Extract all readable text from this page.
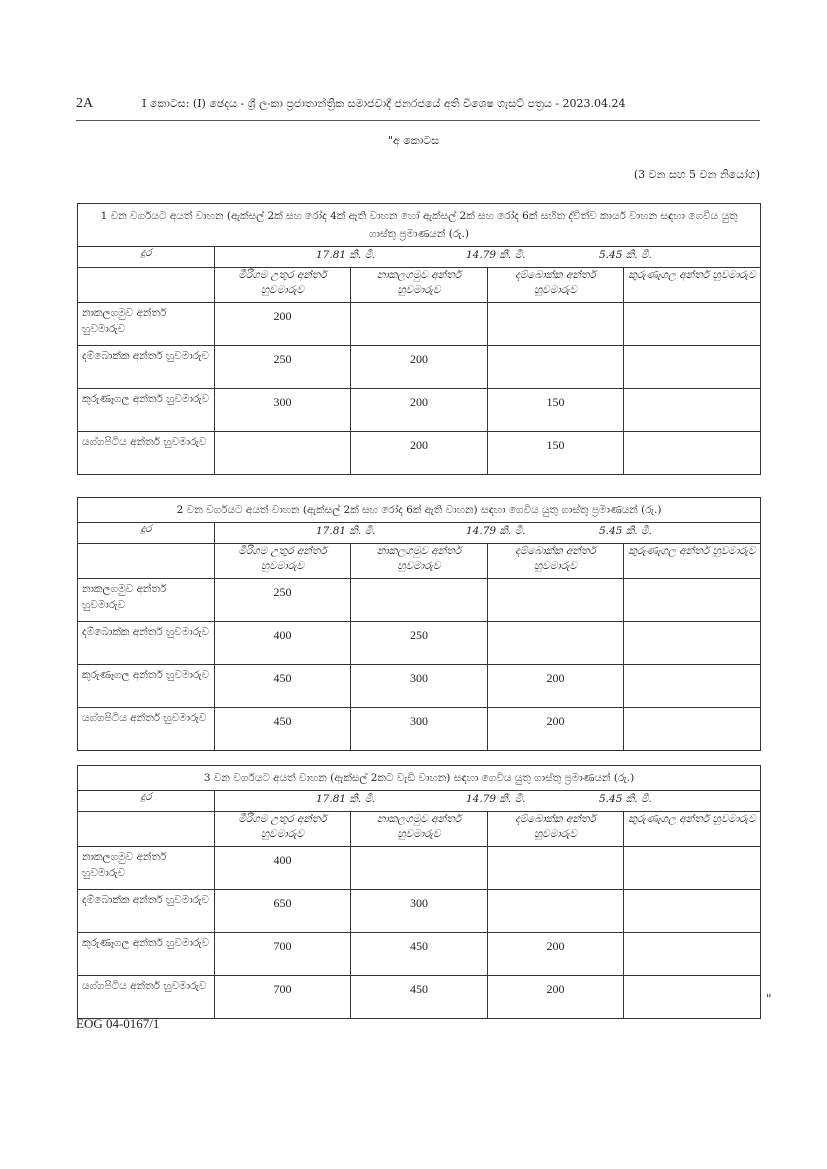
2A	I කොටස: (I) ඡෙදය - ශ්‍රී ලංකා ප්‍රජාතාන්ත්‍රික සමාජවාදී ජනරජයේ අති විශෙෂ ගැසට් පත්‍රය - 2023.04.24
"අ කොටස
(3 වන සහ 5 වන නියෝග)
1 වන වර්ගයට අයත් වාහන (ඇක්සල් 2ක් සහ රෝද 4ක් ඇති වාහන හෝ ඇක්සල් 2ක් සහ රෝද 6ක් සහිත ද්විත්ව කාර්ය වාහන සඳහා ගෙවිය යුතු ගාස්තු ප්‍රමාණයන් (රු.)				
දුර	17.81 කි. මී. 14.79 කි. මී. 5.45 කි. මී.			

	මීරිගම උතුර අන්තර් හුවමාරුව	නාකලගමුව අන්තර් හුවමාරුව	දම්බොක්ක අන්තර් හුවමාරුව	කුරුණෑගල අන්තර් හුවමාරුව
නාකලගමුව අන්තර් හුවමාරුව	200			
දම්බොක්ක අන්තර් හුවමාරුව	250	200		
කුරුණෑගල අන්තර් හුවමාරුව	300	200	150	
යග්ගපිටිය අන්තර් හුවමාරුව		200	150	
2 වන වර්ගයට අයත් වාහන (ඇක්සල් 2ක් සහ රෝද 6ක් ඇති වාහන) සඳහා ගෙවිය යුතු ගාස්තු ප්‍රමාණයන් (රු.)				
දුර	17.81 කි. මී. 14.79 කි. මී. 5.45 කි. මී.			

	මීරිගම උතුර අන්තර් හුවමාරුව	නාකලගමුව අන්තර් හුවමාරුව	දම්බොක්ක අන්තර් හුවමාරුව	කුරුණෑගල අන්තර් හුවමාරුව
නාකලගමුව අන්තර් හුවමාරුව	250			
දම්බොක්ක අන්තර් හුවමාරුව	400	250		
කුරුණෑගල අන්තර් හුවමාරුව	450	300	200	
යග්ගපිටිය අන්තර් හුවමාරුව	450	300	200	
3 වන වර්ගයට අයත් වාහන (ඇක්සල් 2කට වැඩි වාහන) සඳහා ගෙවිය යුතු ගාස්තු ප්‍රමාණයන් (රු.)				
දුර	17.81 කි. මී. 14.79 කි. මී. 5.45 කි. මී.			

	මීරිගම උතුර අන්තර් හුවමාරුව	නාකලගමුව අන්තර් හුවමාරුව	දම්බොක්ක අන්තර් හුවමාරුව	කුරුණෑගල අන්තර් හුවමාරුව
නාකලගමුව අන්තර් හුවමාරුව	400			
දම්බොක්ක අන්තර් හුවමාරුව	650	300		
කුරුණෑගල අන්තර් හුවමාරුව	700	450	200	
යග්ගපිටිය අන්තර් හුවමාරුව	700	450	200	
"
EOG 04-0167/1
